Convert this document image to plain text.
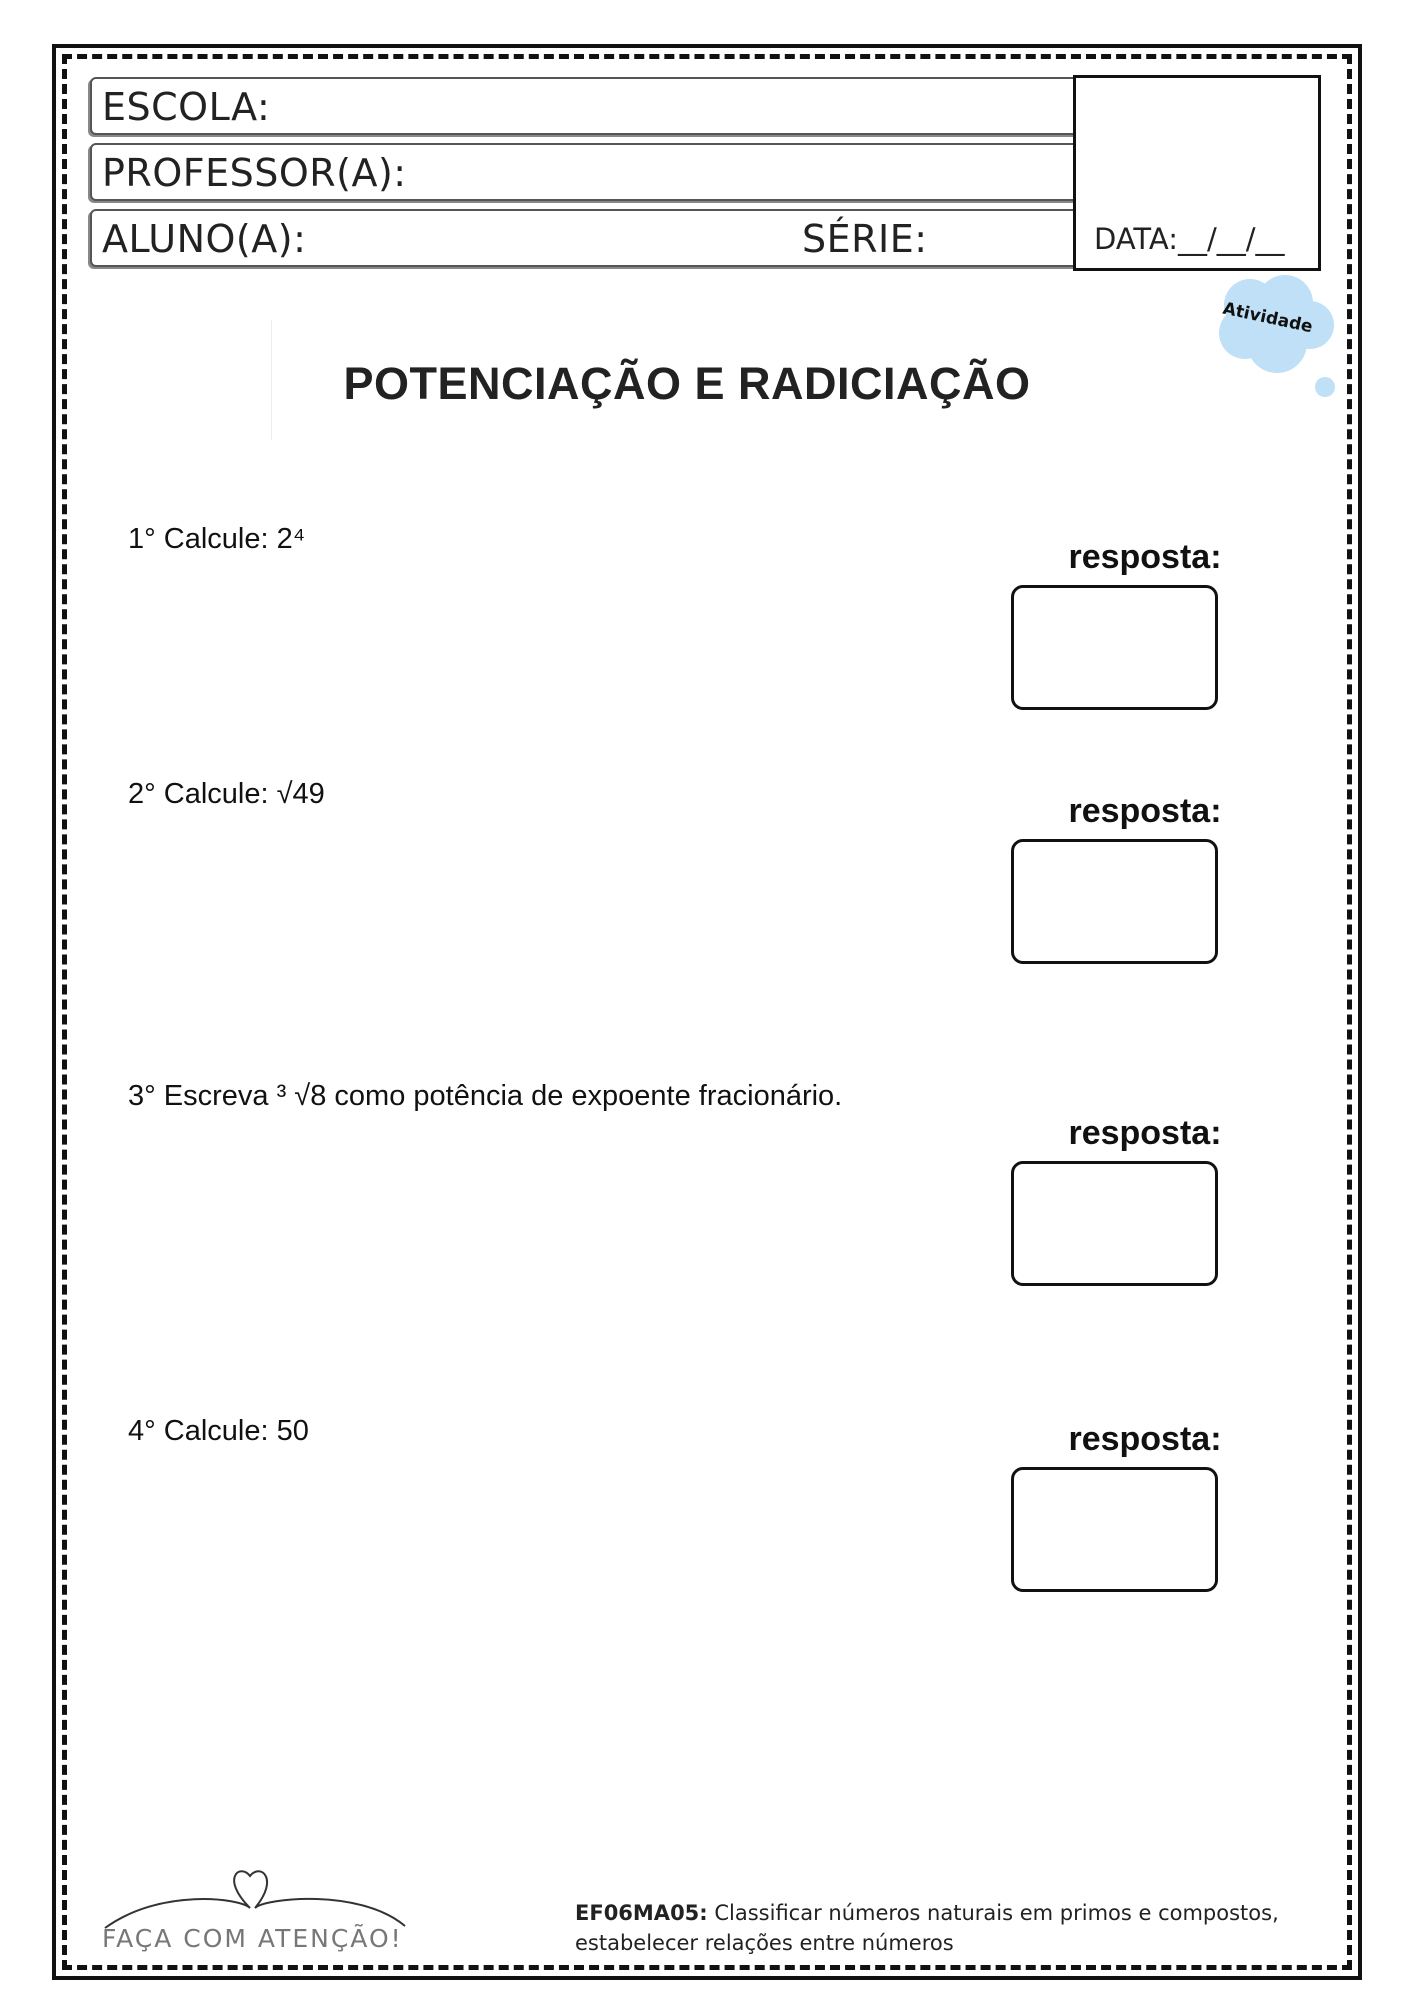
ESCOLA:
PROFESSOR(A):
ALUNO(A):	SÉRIE:	DATA:__/__/__
Atividade
POTENCIAÇÃO E RADICIAÇÃO
1° Calcule: 2⁴	resposta:
2° Calcule: √49	resposta:
3° Escreva ³ √8 como potência de expoente fracionário.
resposta:
4° Calcule: 50	resposta:
FAÇA COM ATENÇÃO!
EF06MA05: Classificar números naturais em primos e compostos, estabelecer relações entre números
